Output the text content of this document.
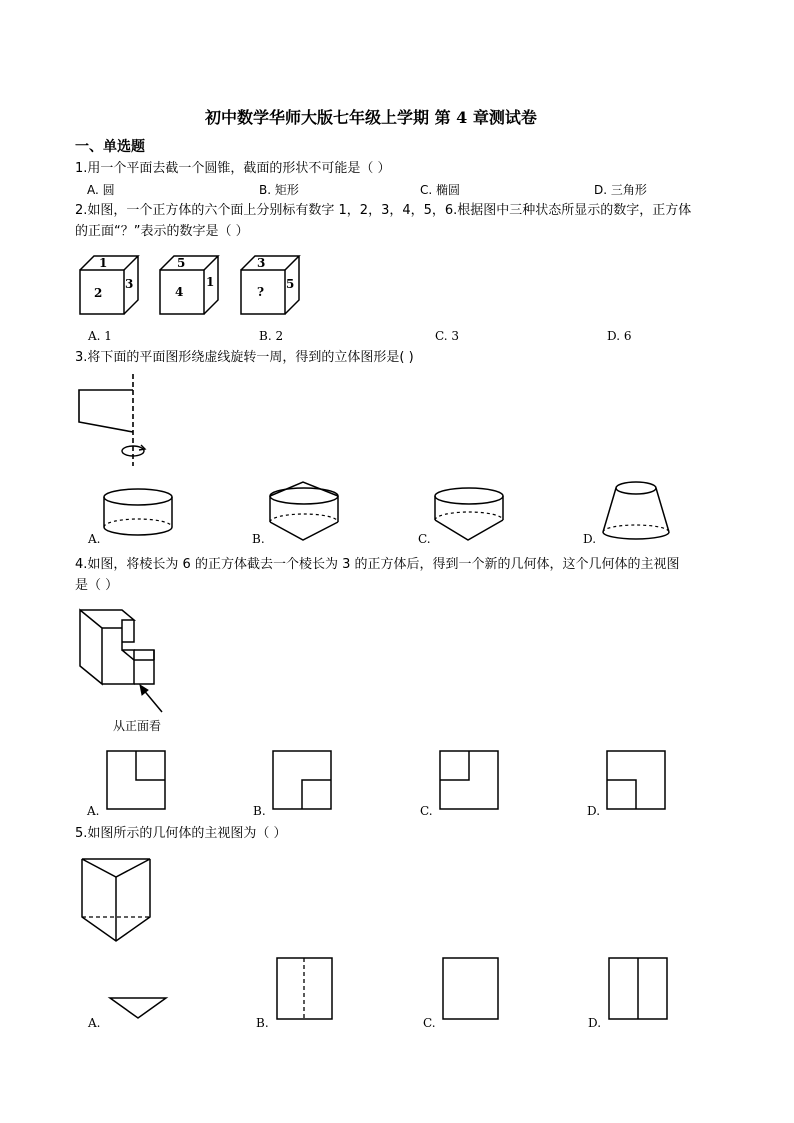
初中数学华师大版七年级上学期 第 4 章测试卷
一、单选题
1.用一个平面去截一个圆锥，截面的形状不可能是（ ）
A. 圆	B. 矩形	C. 椭圆	D. 三角形
2.如图，一个正方体的六个面上分别标有数字 1，2，3，4，5，6.根据图中三种状态所显示的数字，正方体
的正面“？”表示的数字是（ ）
1
2
3
5
4
1
3
?
5
A. 1	B. 2	C. 3	D. 6
3.将下面的平面图形绕虚线旋转一周，得到的立体图形是( )
A.	B.	C.	D.
4.如图，将棱长为 6 的正方体截去一个棱长为 3 的正方体后，得到一个新的几何体，这个几何体的主视图
是（ ）
从正面看
A.	B.	C.	D.
5.如图所示的几何体的主视图为（ ）
A.	B.	C.	D.
